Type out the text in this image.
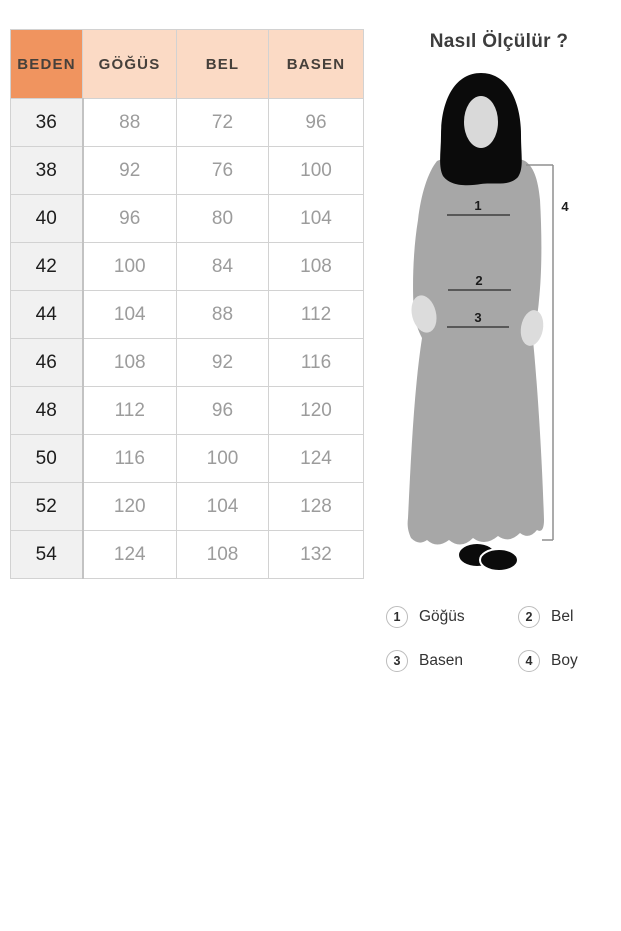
BEDEN	GÖĞÜS	BEL	BASEN
36	88	72	96
38	92	76	100
40	96	80	104
42	100	84	108
44	104	88	112
46	108	92	116
48	112	96	120
50	116	100	124
52	120	104	128
54	124	108	132
Nasıl Ölçülür ?
1
2
3
4
1	Göğüs	2	Bel
3	Basen	4	Boy
